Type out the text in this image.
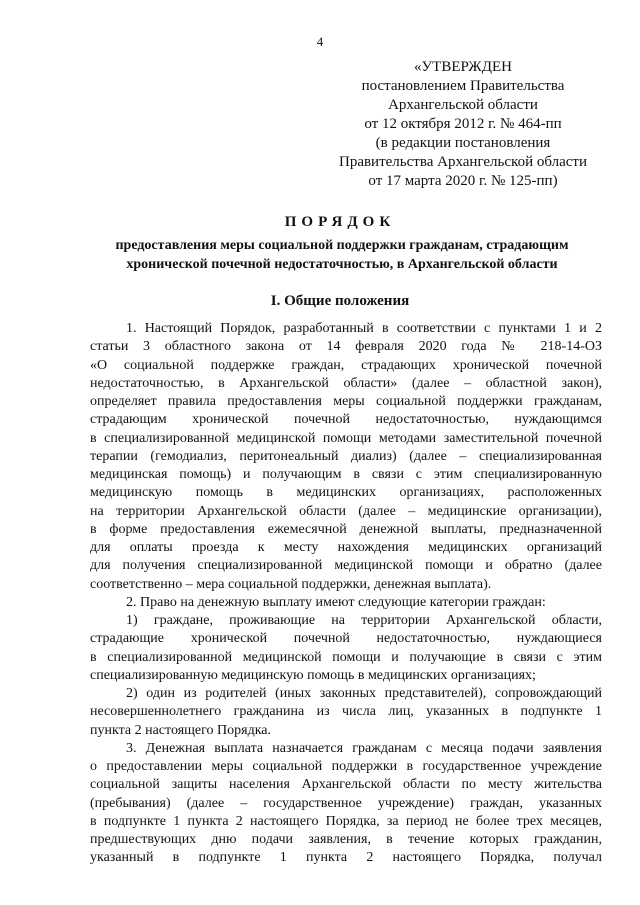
4
«УТВЕРЖДЕН
постановлением Правительства
Архангельской области
от 12 октября 2012 г. № 464-пп
(в редакции постановления
Правительства Архангельской области
от 17 марта 2020 г. № 125-пп)
ПОРЯДОК
предоставления меры социальной поддержки гражданам, страдающим
хронической почечной недостаточностью, в Архангельской области
I. Общие положения
1. Настоящий Порядок, разработанный в соответствии с пунктами 1 и 2
статьи 3 областного закона от 14 февраля 2020 года № 218-14-ОЗ
«О социальной поддержке граждан, страдающих хронической почечной
недостаточностью, в Архангельской области» (далее – областной закон),
определяет правила предоставления меры социальной поддержки гражданам,
страдающим хронической почечной недостаточностью, нуждающимся
в специализированной медицинской помощи методами заместительной почечной
терапии (гемодиализ, перитонеальный диализ) (далее – специализированная
медицинская помощь) и получающим в связи с этим специализированную
медицинскую помощь в медицинских организациях, расположенных
на территории Архангельской области (далее – медицинские организации),
в форме предоставления ежемесячной денежной выплаты, предназначенной
для оплаты проезда к месту нахождения медицинских организаций
для получения специализированной медицинской помощи и обратно (далее
соответственно – мера социальной поддержки, денежная выплата).
2. Право на денежную выплату имеют следующие категории граждан:
1) граждане, проживающие на территории Архангельской области,
страдающие хронической почечной недостаточностью, нуждающиеся
в специализированной медицинской помощи и получающие в связи с этим
специализированную медицинскую помощь в медицинских организациях;
2) один из родителей (иных законных представителей), сопровождающий
несовершеннолетнего гражданина из числа лиц, указанных в подпункте 1
пункта 2 настоящего Порядка.
3. Денежная выплата назначается гражданам с месяца подачи заявления
о предоставлении меры социальной поддержки в государственное учреждение
социальной защиты населения Архангельской области по месту жительства
(пребывания) (далее – государственное учреждение) граждан, указанных
в подпункте 1 пункта 2 настоящего Порядка, за период не более трех месяцев,
предшествующих дню подачи заявления, в течение которых гражданин,
указанный в подпункте 1 пункта 2 настоящего Порядка, получал
